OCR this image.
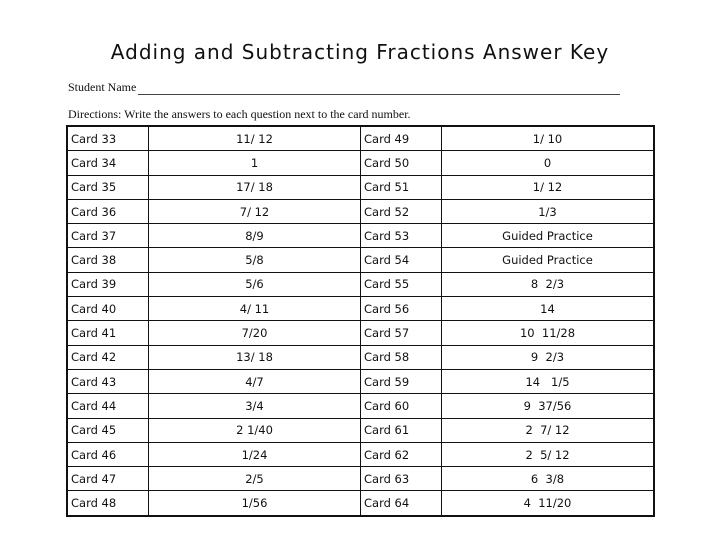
Adding and Subtracting Fractions Answer Key
Student Name
Directions: Write the answers to each question next to the card number.
Card 33	11/ 12	Card 49	1/ 10
Card 34	1	Card 50	0
Card 35	17/ 18	Card 51	1/ 12
Card 36	7/ 12	Card 52	1/3
Card 37	8/9	Card 53	Guided Practice
Card 38	5/8	Card 54	Guided Practice
Card 39	5/6	Card 55	8  2/3
Card 40	4/ 11	Card 56	14
Card 41	7/20	Card 57	10  11/28
Card 42	13/ 18	Card 58	9  2/3
Card 43	4/7	Card 59	14   1/5
Card 44	3/4	Card 60	9  37/56
Card 45	2 1/40	Card 61	2  7/ 12
Card 46	1/24	Card 62	2  5/ 12
Card 47	2/5	Card 63	6  3/8
Card 48	1/56	Card 64	4  11/20
